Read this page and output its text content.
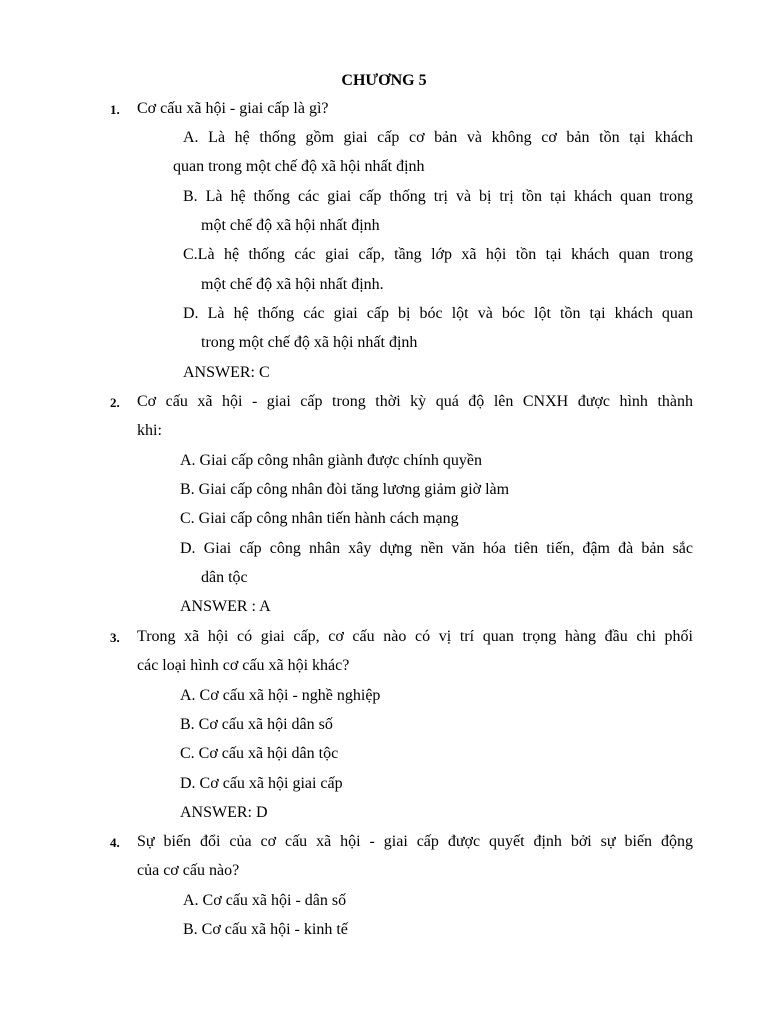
CHƯƠNG 5
1. Cơ cấu xã hội - giai cấp là gì?
A. Là hệ thống gồm giai cấp cơ bản và không cơ bản tồn tại khách
quan trong một chế độ xã hội nhất định
B. Là hệ thống các giai cấp thống trị và bị trị tồn tại khách quan trong
một chế độ xã hội nhất định
C.Là hệ thống các giai cấp, tầng lớp xã hội tồn tại khách quan trong
một chế độ xã hội nhất định.
D. Là hệ thống các giai cấp bị bóc lột và bóc lột tồn tại khách quan
trong một chế độ xã hội nhất định
ANSWER: C
2. Cơ cấu xã hội - giai cấp trong thời kỳ quá độ lên CNXH được hình thành
khi:
A. Giai cấp công nhân giành được chính quyền
B. Giai cấp công nhân đòi tăng lương giảm giờ làm
C. Giai cấp công nhân tiến hành cách mạng
D. Giai cấp công nhân xây dựng nền văn hóa tiên tiến, đậm đà bản sắc
dân tộc
ANSWER : A
3. Trong xã hội có giai cấp, cơ cấu nào có vị trí quan trọng hàng đầu chi phối
các loại hình cơ cấu xã hội khác?
A. Cơ cấu xã hội - nghề nghiệp
B. Cơ cấu xã hội dân số
C. Cơ cấu xã hội dân tộc
D. Cơ cấu xã hội giai cấp
ANSWER: D
4. Sự biến đổi của cơ cấu xã hội - giai cấp được quyết định bởi sự biến động
của cơ cấu nào?
A. Cơ cấu xã hội - dân số
B. Cơ cấu xã hội - kinh tế
